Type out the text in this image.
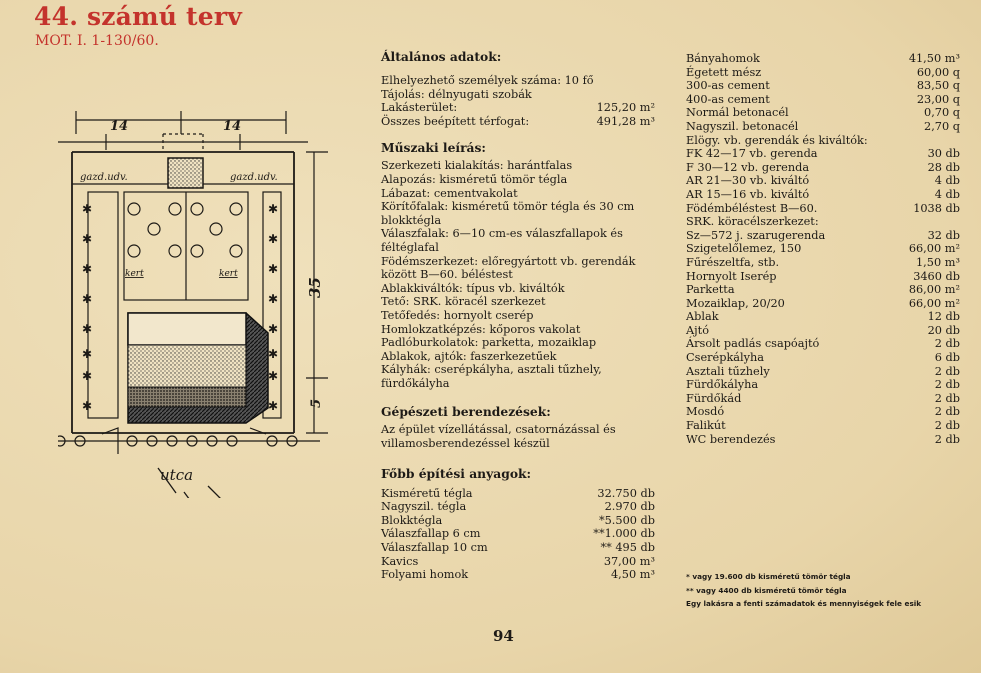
44. számú terv
MOT. I. 1-130/60.
✱
✱
✱
✱
✱
✱
✱
✱
✱
✱
✱
✱
✱
✱
✱
✱
14	14
gazd.udv.	gazd.udv.
kert	kert
35
5
utca
Általános adatok:
Elhelyezhető személyek száma: 10 fő
Tájolás: délnyugati szobák
Lakásterület:	125,20 m²
Összes beépített térfogat:	491,28 m³
Műszaki leírás:
Szerkezeti kialakítás: harántfalas
Alapozás: kisméretű tömör tégla
Lábazat: cementvakolat
Körítőfalak: kisméretű tömör tégla és 30 cm blokktégla
Válaszfalak: 6—10 cm-es válaszfallapok és féltéglafal
Födémszerkezet: előregyártott vb. gerendák között B—60. béléstest
Ablakkiváltók: típus vb. kiváltók
Tető: SRK. köracél szerkezet
Tetőfedés: hornyolt cserép
Homlokzatképzés: kőporos vakolat
Padlóburkolatok: parketta, mozaiklap
Ablakok, ajtók: faszerkezetűek
Kályhák: cserépkályha, asztali tűzhely, fürdőkályha
Gépészeti berendezések:
Az épület vízellátással, csatornázással és villamosberendezéssel készül
Főbb építési anyagok:
Kisméretű tégla	32.750 db
Nagyszil. tégla	2.970 db
Blokktégla	*5.500 db
Válaszfallap 6 cm	**1.000 db
Válaszfallap 10 cm	** 495 db
Kavics	37,00 m³
Folyami homok	4,50 m³
Bányahomok	41,50 m³
Égetett mész	60,00 q
300-as cement	83,50 q
400-as cement	23,00 q
Normál betonacél	0,70 q
Nagyszil. betonacél	2,70 q
Elögy. vb. gerendák és kiváltók:
FK 42—17 vb. gerenda	30 db
F 30—12 vb. gerenda	28 db
AR 21—30 vb. kiváltó	4 db
AR 15—16 vb. kiváltó	4 db
Födémbéléstest B—60.	1038 db
SRK. köracélszerkezet:
Sz—572 j. szarugerenda	32 db
Szigetelőlemez, 150	66,00 m²
Fűrészeltfa, stb.	1,50 m³
Hornyolt Iserép	3460 db
Parketta	86,00 m²
Mozaiklap, 20/20	66,00 m²
Ablak	12 db
Ajtó	20 db
Ársolt padlás csapóajtó	2 db
Cserépkályha	6 db
Asztali tűzhely	2 db
Fürdőkályha	2 db
Fürdőkád	2 db
Mosdó	2 db
Falikút	2 db
WC berendezés	2 db
* vagy 19.600 db kisméretű tömör tégla
** vagy 4400 db kisméretű tömör tégla
Egy lakásra a fenti számadatok és mennyiségek fele esik
94
